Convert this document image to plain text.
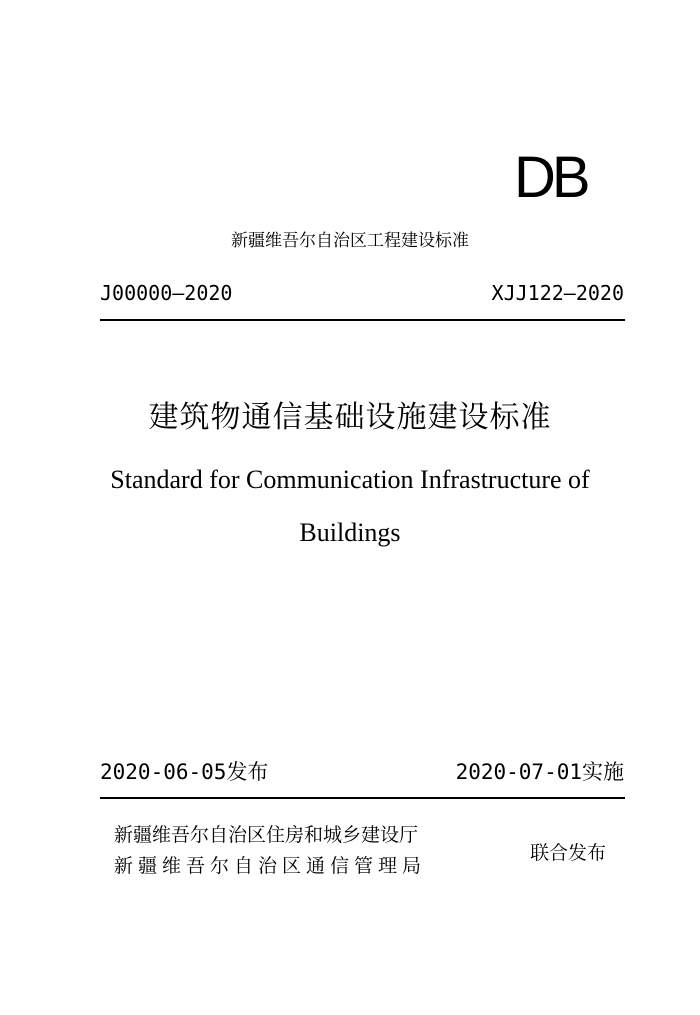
DB
新疆维吾尔自治区工程建设标准
J00000—2020	XJJ122—2020
建筑物通信基础设施建设标准
Standard for Communication Infrastructure of Buildings
2020-06-05发布	2020-07-01实施
新疆维吾尔自治区住房和城乡建设厅
新疆维吾尔自治区通信管理局
联合发布
